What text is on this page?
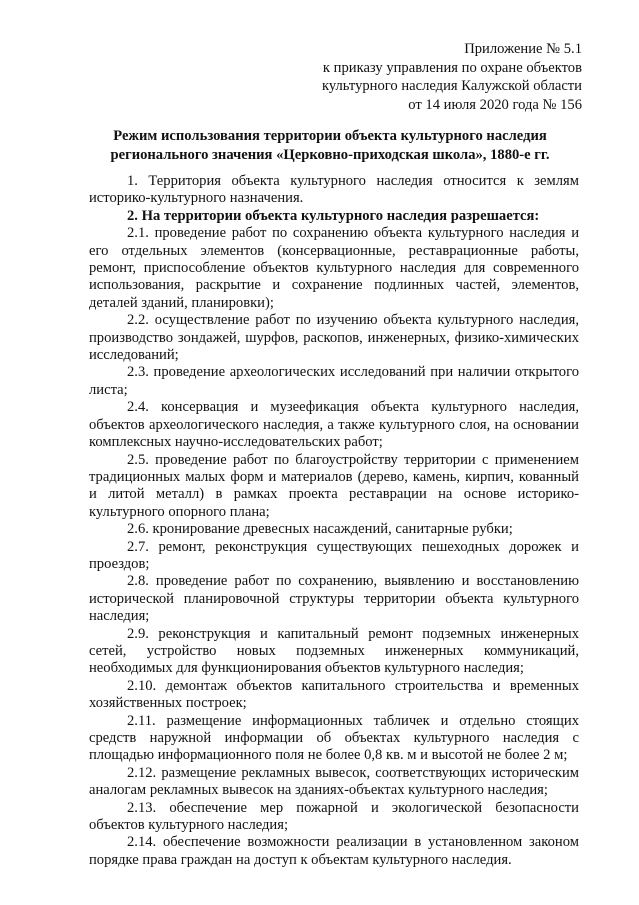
Приложение № 5.1
к приказу управления по охране объектов
культурного наследия Калужской области
от 14 июля 2020 года № 156
Режим использования территории объекта культурного наследия
регионального значения «Церковно-приходская школа», 1880-е гг.

1. Территория объекта культурного наследия относится к землям историко-культурного назначения.

2. На территории объекта культурного наследия разрешается:

2.1. проведение работ по сохранению объекта культурного наследия и его отдельных элементов (консервационные, реставрационные работы, ремонт, приспособление объектов культурного наследия для современного использования, раскрытие и сохранение подлинных частей, элементов, деталей зданий, планировки);

2.2. осуществление работ по изучению объекта культурного наследия, производство зондажей, шурфов, раскопов, инженерных, физико-химических исследований;

2.3. проведение археологических исследований при наличии открытого листа;

2.4. консервация и музеефикация объекта культурного наследия, объектов археологического наследия, а также культурного слоя, на основании комплексных научно-исследовательских работ;

2.5. проведение работ по благоустройству территории с применением традиционных малых форм и материалов (дерево, камень, кирпич, кованный и литой металл) в рамках проекта реставрации на основе историко-культурного опорного плана;

2.6. кронирование древесных насаждений, санитарные рубки;

2.7. ремонт, реконструкция существующих пешеходных дорожек и проездов;

2.8. проведение работ по сохранению, выявлению и восстановлению исторической планировочной структуры территории объекта культурного наследия;

2.9. реконструкция и капитальный ремонт подземных инженерных сетей, устройство новых подземных инженерных коммуникаций, необходимых для функционирования объектов культурного наследия;

2.10. демонтаж объектов капитального строительства и временных хозяйственных построек;

2.11. размещение информационных табличек и отдельно стоящих средств наружной информации об объектах культурного наследия с площадью информационного поля не более 0,8 кв. м и высотой не более 2 м;

2.12. размещение рекламных вывесок, соответствующих историческим аналогам рекламных вывесок на зданиях-объектах культурного наследия;

2.13. обеспечение мер пожарной и экологической безопасности объектов культурного наследия;

2.14. обеспечение возможности реализации в установленном законом порядке права граждан на доступ к объектам культурного наследия.
